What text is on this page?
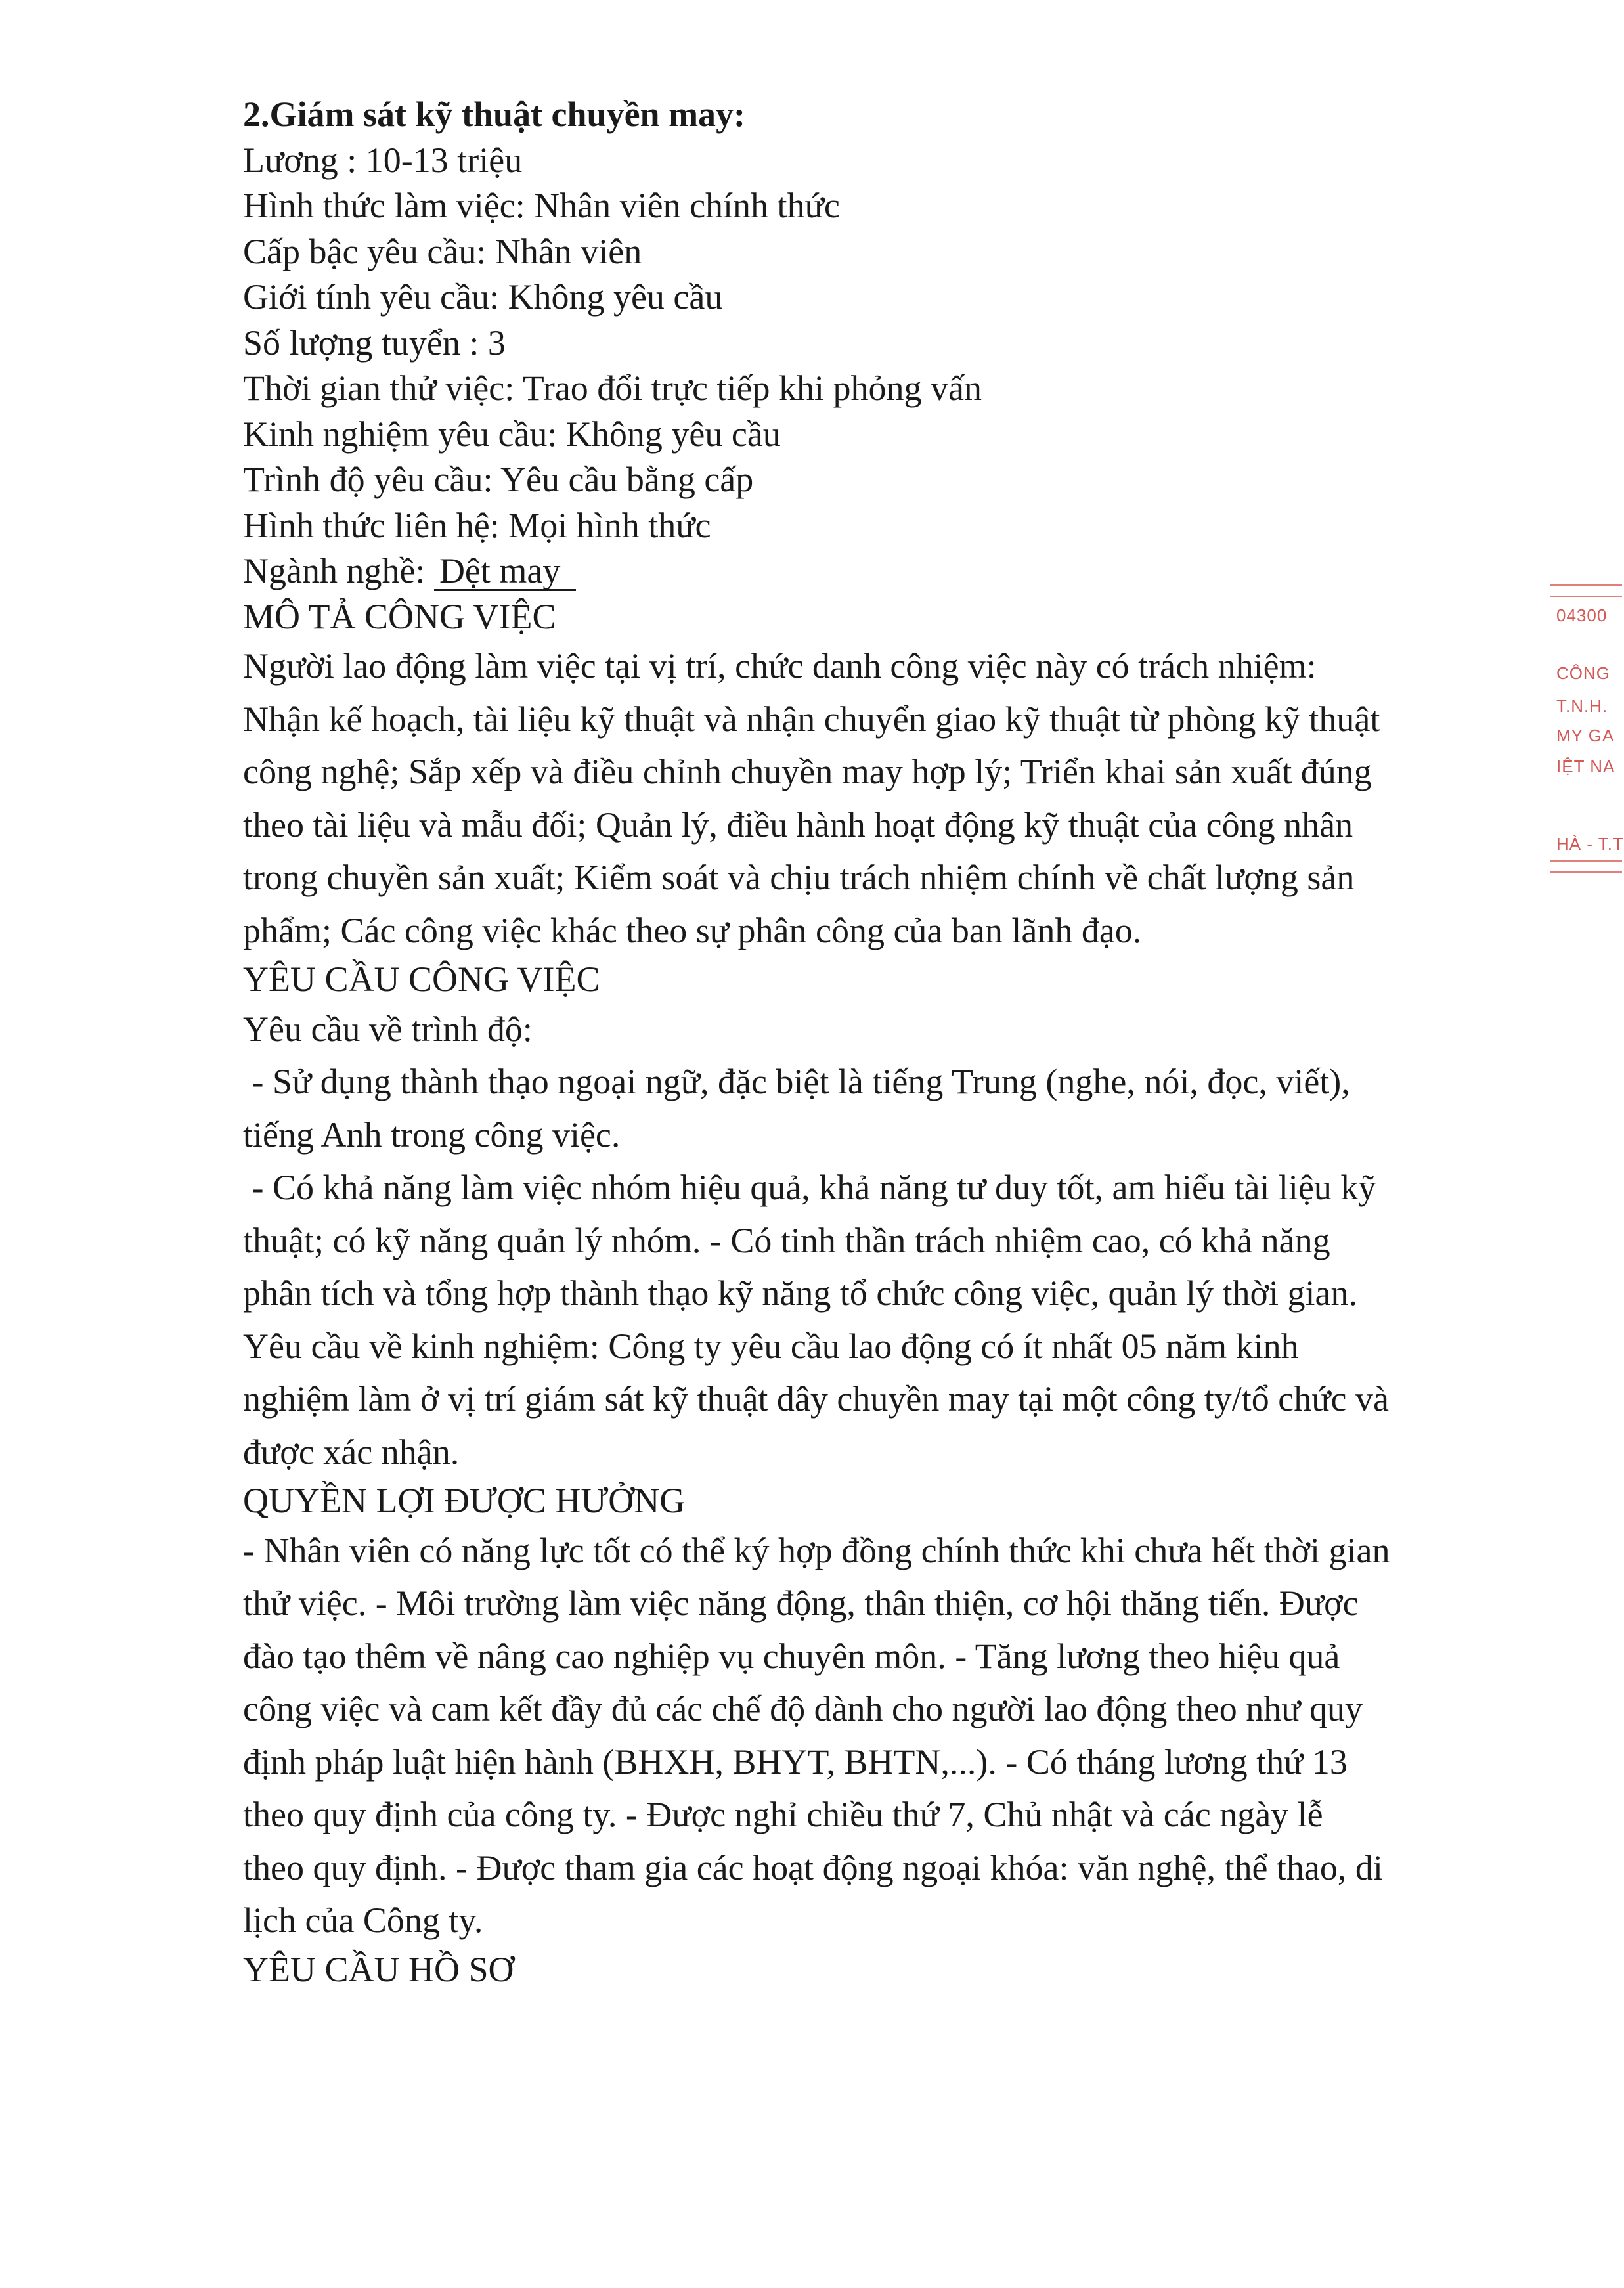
2.Giám sát kỹ thuật chuyền may:

Lương : 10-13 triệu

Hình thức làm việc: Nhân viên chính thức

Cấp bậc yêu cầu: Nhân viên

Giới tính yêu cầu: Không yêu cầu

Số lượng tuyển : 3

Thời gian thử việc: Trao đổi trực tiếp khi phỏng vấn

Kinh nghiệm yêu cầu: Không yêu cầu

Trình độ yêu cầu: Yêu cầu bằng cấp

Hình thức liên hệ: Mọi hình thức

Ngành nghề: Dệt may

MÔ TẢ CÔNG VIỆC

Người lao động làm việc tại vị trí, chức danh công việc này có trách nhiệm:
Nhận kế hoạch, tài liệu kỹ thuật và nhận chuyển giao kỹ thuật từ phòng kỹ thuật
công nghệ; Sắp xếp và điều chỉnh chuyền may hợp lý; Triển khai sản xuất đúng
theo tài liệu và mẫu đối; Quản lý, điều hành hoạt động kỹ thuật của công nhân
trong chuyền sản xuất; Kiểm soát và chịu trách nhiệm chính về chất lượng sản
phẩm; Các công việc khác theo sự phân công của ban lãnh đạo.

YÊU CẦU CÔNG VIỆC

Yêu cầu về trình độ:
- Sử dụng thành thạo ngoại ngữ, đặc biệt là tiếng Trung (nghe, nói, đọc, viết),
tiếng Anh trong công việc.
- Có khả năng làm việc nhóm hiệu quả, khả năng tư duy tốt, am hiểu tài liệu kỹ
thuật; có kỹ năng quản lý nhóm. - Có tinh thần trách nhiệm cao, có khả năng
phân tích và tổng hợp thành thạo kỹ năng tổ chức công việc, quản lý thời gian.
Yêu cầu về kinh nghiệm: Công ty yêu cầu lao động có ít nhất 05 năm kinh
nghiệm làm ở vị trí giám sát kỹ thuật dây chuyền may tại một công ty/tổ chức và
được xác nhận.

QUYỀN LỢI ĐƯỢC HƯỞNG

- Nhân viên có năng lực tốt có thể ký hợp đồng chính thức khi chưa hết thời gian
thử việc. - Môi trường làm việc năng động, thân thiện, cơ hội thăng tiến. Được
đào tạo thêm về nâng cao nghiệp vụ chuyên môn. - Tăng lương theo hiệu quả
công việc và cam kết đầy đủ các chế độ dành cho người lao động theo như quy
định pháp luật hiện hành (BHXH, BHYT, BHTN,...). - Có tháng lương thứ 13
theo quy định của công ty. - Được nghỉ chiều thứ 7, Chủ nhật và các ngày lễ
theo quy định. - Được tham gia các hoạt động ngoại khóa: văn nghệ, thể thao, di
lịch của Công ty.

YÊU CẦU HỒ SƠ

04300
CÔNG
T.N.H.
MY GA
IỆT NA
HÀ - T.T
